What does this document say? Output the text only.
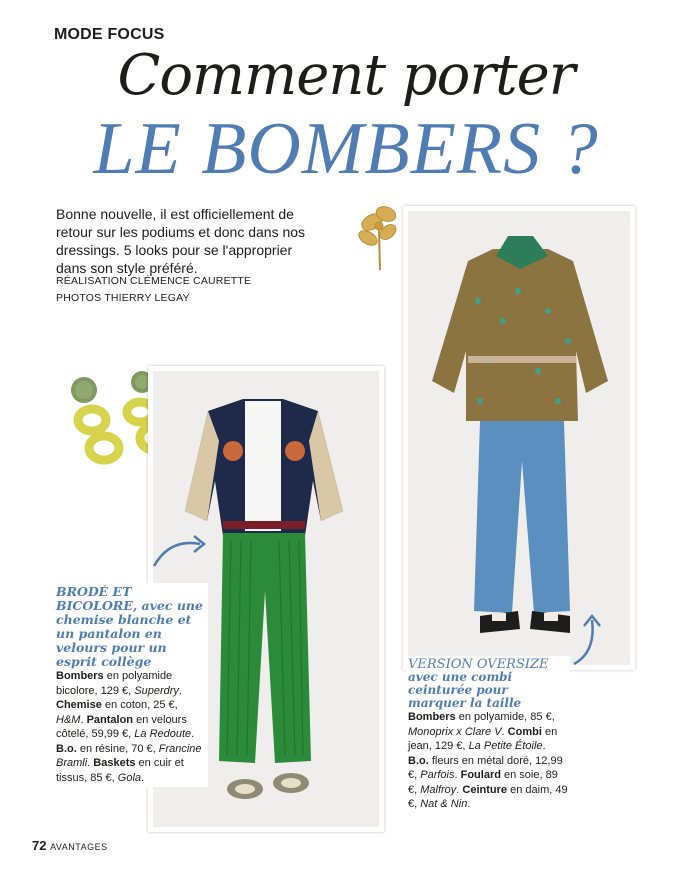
MODE FOCUS
Comment porter
LE BOMBERS ?
Bonne nouvelle, il est officiellement de retour sur les podiums et donc dans nos dressings. 5 looks pour se l'approprier dans son style préféré.
RÉALISATION CLÉMENCE CAURETTE
PHOTOS THIERRY LEGAY
BRODÉ ET BICOLORE, avec une chemise blanche et un pantalon en velours pour un esprit collège
Bombers en polyamide bicolore, 129 €, Superdry. Chemise en coton, 25 €, H&M. Pantalon en velours côtelé, 59,99 €, La Redoute. B.o. en résine, 70 €, Francine Bramli. Baskets en cuir et tissus, 85 €, Gola.
VERSION OVERSIZE
avec une combi ceinturée pour marquer la taille
Bombers en polyamide, 85 €, Monoprix x Clare V. Combi en jean, 129 €, La Petite Étoile. B.o. fleurs en métal doré, 12,99 €, Parfois. Foulard en soie, 89 €, Malfroy. Ceinture en daim, 49 €, Nat & Nin.
72 AVANTAGES
